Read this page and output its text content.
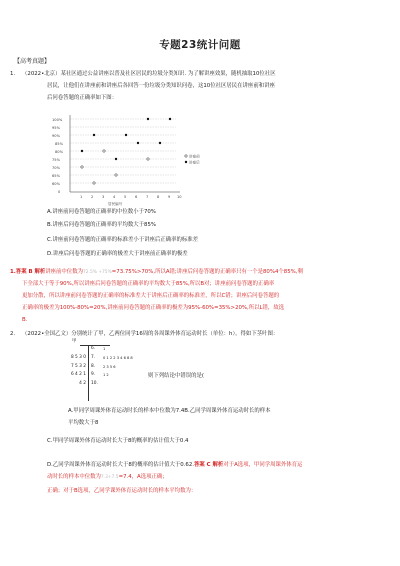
专题23统计问题
【高考真题】
1. （2022•北京）某社区通过公益讲座以普及社区居民的垃圾分类知识. 为了解讲座效果，随机抽取10位社区
居民，让他们在讲座前和讲座后各回答一份垃圾分类知识问卷，这10位社区居民在讲座前和讲座
后问卷答题的正确率如下图：
100%
95%
90%
85%
80%
75%
70%
65%
60%
0
1 2 3 4 5 6 7 8 9 10
居民编号
讲座前
讲座后
A.讲座前问卷答题的正确率的中位数小于70%
B.讲座后问卷答题的正确率的平均数大于85%
C.讲座前问卷答题的正确率的标准差小于讲座后正确率的标准差
D.讲座后问卷答题的正确率的极差大于讲座前正确率的极差
1.答案 B 解析讲座前中位数为72.5% +75%=73.75%>70%,所以A错;讲座后问卷答题的正确率只有一个是80%4个85%,剩
下全部大于等于90%,所以讲座后问卷答题的正确率的平均数大于85%,所以B对；讲座前问卷答题的正确率
更加分散，所以讲座前问卷答题的正确率的标准差大于讲座后正确率的标准差，所以C错；讲座后问卷答题的
正确率的极差为100%-80%=20%,讲座前问卷答题的正确率的极差为95%-60%=35%>20%,所以L错，故选
B.
2. （2022•全国乙文）分别统计了甲，乙两位同学16周的各周课外体育运动时长（单位：h），得如下茎叶图：
甲

8 5 3 0
7 5 3 2
6 4 2 1
4 2
6.
7.
8.
9.
10.
1
0 1 2 2 3 4 6 8 8
2 3 5 6
1 2
	则下列结论中错误的是(
A.甲同学周课外体育运动时长的样本中位数为7.4B.乙同学周课外体育运动时长的样本
平均数大于8
C.甲同学周课外体育运动时长大于8的概率的估计值大于0.4
D.乙同学周课外体育运动时长大于8的概率的估计值大于0.62.答案 C 解析对于A选项，甲同学周课外体育运
动时长的样本中位数为7.3+7.5=7.4，A选项正确；
正确；对于B选项，乙同学课外体育运动时长的样本平均数为：
